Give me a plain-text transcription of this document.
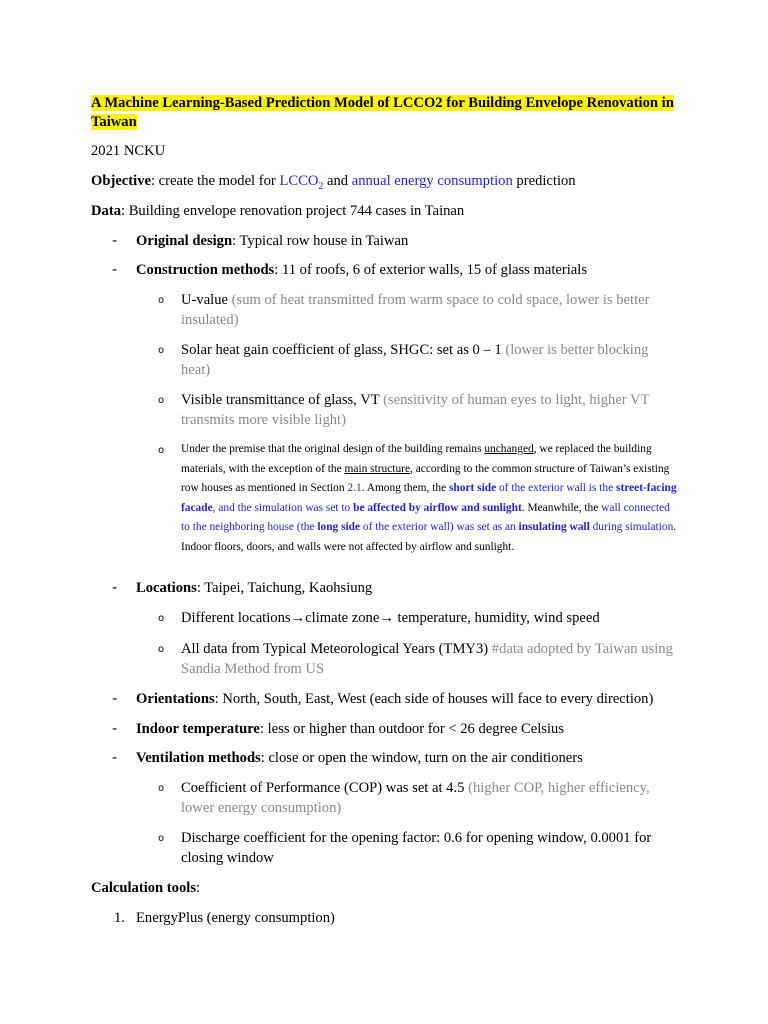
A Machine Learning-Based Prediction Model of LCCO2 for Building Envelope Renovation in Taiwan
2021 NCKU
Objective: create the model for $LCCO_2$ and annual energy consumption prediction
Data: Building envelope renovation project 744 cases in Tainan
- Original design: Typical row house in Taiwan
- Construction methods: 11 of roofs, 6 of exterior walls, 15 of glass materials
o U-value (sum of heat transmitted from warm space to cold space, lower is better insulated)
o Solar heat gain coefficient of glass, SHGC: set as 0 – 1 (lower is better blocking heat)
o Visible transmittance of glass, VT (sensitivity of human eyes to light, higher VT transmits more visible light)
o Under the premise that the original design of the building remains unchanged, we replaced the building materials, with the exception of the main structure, according to the common structure of Taiwan’s existing row houses as mentioned in Section 2.1. Among them, the short side of the exterior wall is the street-facing facade, and the simulation was set to be affected by airflow and sunlight. Meanwhile, the wall connected to the neighboring house (the long side of the exterior wall) was set as an insulating wall during simulation. Indoor floors, doors, and walls were not affected by airflow and sunlight.
- Locations: Taipei, Taichung, Kaohsiung
o Different locations→climate zone→ temperature, humidity, wind speed
o All data from Typical Meteorological Years (TMY3) #data adopted by Taiwan using Sandia Method from US
- Orientations: North, South, East, West (each side of houses will face to every direction)
- Indoor temperature: less or higher than outdoor for < 26 degree Celsius
- Ventilation methods: close or open the window, turn on the air conditioners
o Coefficient of Performance (COP) was set at 4.5 (higher COP, higher efficiency, lower energy consumption)
o Discharge coefficient for the opening factor: 0.6 for opening window, 0.0001 for closing window
Calculation tools:
1. EnergyPlus (energy consumption)
